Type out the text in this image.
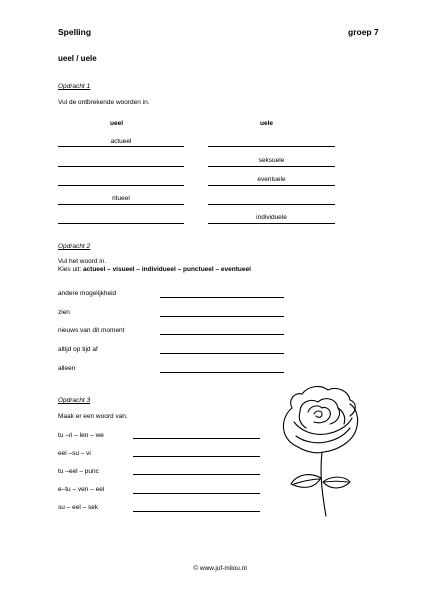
Spelling	groep 7
ueel / uele
Opdracht 1
Vul de ontbrekende woorden in.
ueel	uele
actueel
seksuele
eventuele
ritueel
individuele
Opdracht 2
Vul het woord in.
Kies uit: actueel – visueel – individueel – punctueel – eventueel
andere mogelijkheid
zien
nieuws van dit moment
altijd op tijd af
alleen
Opdracht 3
Maak er een woord van.
tu –ri – len – we
eel –su – vi
tu –eel – punc
e–tu – ven – eel
su – eel – sek
© www.juf-milou.nl
